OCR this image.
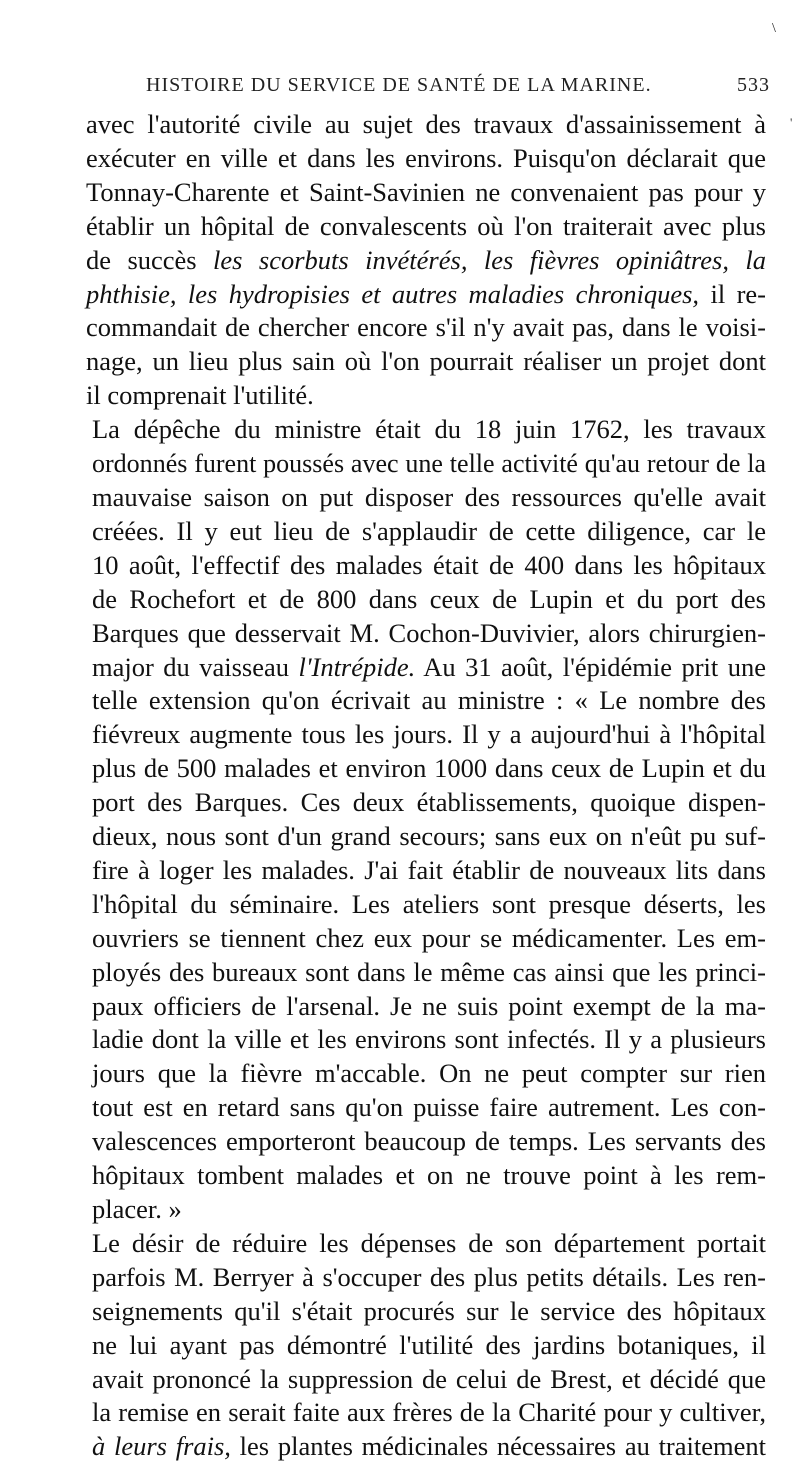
\
HISTOIRE DU SERVICE DE SANTÉ DE LA MARINE.	533
'

avec l'autorité civile au sujet des travaux d'assainissement à
exécuter en ville et dans les environs. Puisqu'on déclarait que
Tonnay-Charente et Saint-Savinien ne convenaient pas pour y
établir un hôpital de convalescents où l'on traiterait avec plus
de succès les scorbuts invétérés, les fièvres opiniâtres, la
phthisie, les hydropisies et autres maladies chroniques, il re-
commandait de chercher encore s'il n'y avait pas, dans le voisi-
nage, un lieu plus sain où l'on pourrait réaliser un projet dont
il comprenait l'utilité.

La dépêche du ministre était du 18 juin 1762, les travaux
ordonnés furent poussés avec une telle activité qu'au retour de la
mauvaise saison on put disposer des ressources qu'elle avait
créées. Il y eut lieu de s'applaudir de cette diligence, car le
10 août, l'effectif des malades était de 400 dans les hôpitaux
de Rochefort et de 800 dans ceux de Lupin et du port des
Barques que desservait M. Cochon-Duvivier, alors chirurgien-
major du vaisseau l'Intrépide. Au 31 août, l'épidémie prit une
telle extension qu'on écrivait au ministre : « Le nombre des
fiévreux augmente tous les jours. Il y a aujourd'hui à l'hôpital
plus de 500 malades et environ 1000 dans ceux de Lupin et du
port des Barques. Ces deux établissements, quoique dispen-
dieux, nous sont d'un grand secours; sans eux on n'eût pu suf-
fire à loger les malades. J'ai fait établir de nouveaux lits dans
l'hôpital du séminaire. Les ateliers sont presque déserts, les
ouvriers se tiennent chez eux pour se médicamenter. Les em-
ployés des bureaux sont dans le même cas ainsi que les princi-
paux officiers de l'arsenal. Je ne suis point exempt de la ma-
ladie dont la ville et les environs sont infectés. Il y a plusieurs
jours que la fièvre m'accable. On ne peut compter sur rien
tout est en retard sans qu'on puisse faire autrement. Les con-
valescences emporteront beaucoup de temps. Les servants des
hôpitaux tombent malades et on ne trouve point à les rem-
placer. »

Le désir de réduire les dépenses de son département portait
parfois M. Berryer à s'occuper des plus petits détails. Les ren-
seignements qu'il s'était procurés sur le service des hôpitaux
ne lui ayant pas démontré l'utilité des jardins botaniques, il
avait prononcé la suppression de celui de Brest, et décidé que
la remise en serait faite aux frères de la Charité pour y cultiver,
à leurs frais, les plantes médicinales nécessaires au traitement
